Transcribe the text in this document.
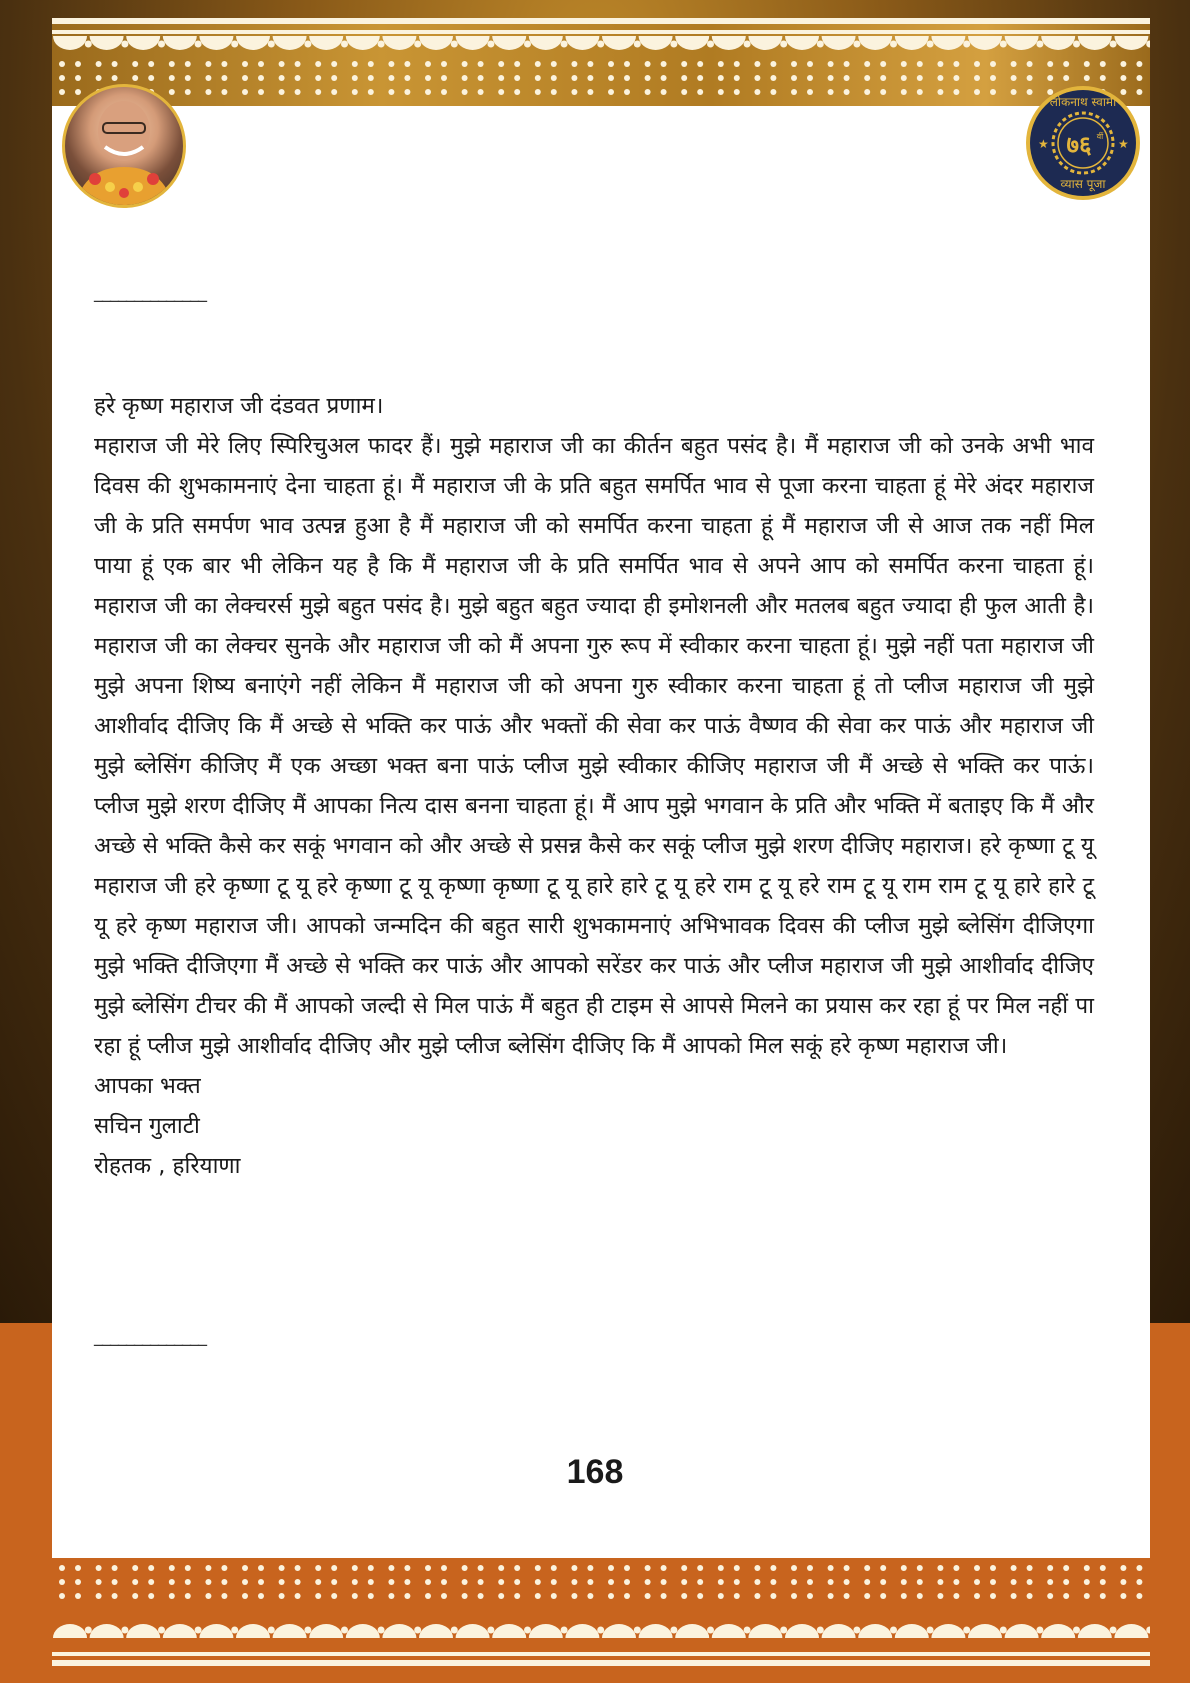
★	★
लोकनाथ स्वामी
७६ वीं
व्यास पूजा
______________

हरे कृष्ण महाराज जी दंडवत प्रणाम।

महाराज जी मेरे लिए स्पिरिचुअल फादर हैं। मुझे महाराज जी का कीर्तन बहुत पसंद है। मैं महाराज जी को उनके अभी भाव दिवस की शुभकामनाएं देना चाहता हूं। मैं महाराज जी के प्रति बहुत समर्पित भाव से पूजा करना चाहता हूं मेरे अंदर महाराज जी के प्रति समर्पण भाव उत्पन्न हुआ है मैं महाराज जी को समर्पित करना चाहता हूं मैं महाराज जी से आज तक नहीं मिल पाया हूं एक बार भी लेकिन यह है कि मैं महाराज जी के प्रति समर्पित भाव से अपने आप को समर्पित करना चाहता हूं। महाराज जी का लेक्चरर्स मुझे बहुत पसंद है। मुझे बहुत बहुत ज्यादा ही इमोशनली और मतलब बहुत ज्यादा ही फुल आती है। महाराज जी का लेक्चर सुनके और महाराज जी को मैं अपना गुरु रूप में स्वीकार करना चाहता हूं। मुझे नहीं पता महाराज जी मुझे अपना शिष्य बनाएंगे नहीं लेकिन मैं महाराज जी को अपना गुरु स्वीकार करना चाहता हूं तो प्लीज महाराज जी मुझे आशीर्वाद दीजिए कि मैं अच्छे से भक्ति कर पाऊं और भक्तों की सेवा कर पाऊं वैष्णव की सेवा कर पाऊं और महाराज जी मुझे ब्लेसिंग कीजिए मैं एक अच्छा भक्त बना पाऊं प्लीज मुझे स्वीकार कीजिए महाराज जी मैं अच्छे से भक्ति कर पाऊं। प्लीज मुझे शरण दीजिए मैं आपका नित्य दास बनना चाहता हूं। मैं आप मुझे भगवान के प्रति और भक्ति में बताइए कि मैं और अच्छे से भक्ति कैसे कर सकूं भगवान को और अच्छे से प्रसन्न कैसे कर सकूं प्लीज मुझे शरण दीजिए महाराज। हरे कृष्णा टू यू महाराज जी हरे कृष्णा टू यू हरे कृष्णा टू यू कृष्णा कृष्णा टू यू हारे हारे टू यू हरे राम टू यू हरे राम टू यू राम राम टू यू हारे हारे टू यू हरे कृष्ण महाराज जी। आपको जन्मदिन की बहुत सारी शुभकामनाएं अभिभावक दिवस की प्लीज मुझे ब्लेसिंग दीजिएगा मुझे भक्ति दीजिएगा मैं अच्छे से भक्ति कर पाऊं और आपको सरेंडर कर पाऊं और प्लीज महाराज जी मुझे आशीर्वाद दीजिए मुझे ब्लेसिंग टीचर की मैं आपको जल्दी से मिल पाऊं मैं बहुत ही टाइम से आपसे मिलने का प्रयास कर रहा हूं पर मिल नहीं पा रहा हूं प्लीज मुझे आशीर्वाद दीजिए और मुझे प्लीज ब्लेसिंग दीजिए कि मैं आपको मिल सकूं हरे कृष्ण महाराज जी।

आपका भक्त

सचिन गुलाटी

रोहतक , हरियाणा

______________
168
